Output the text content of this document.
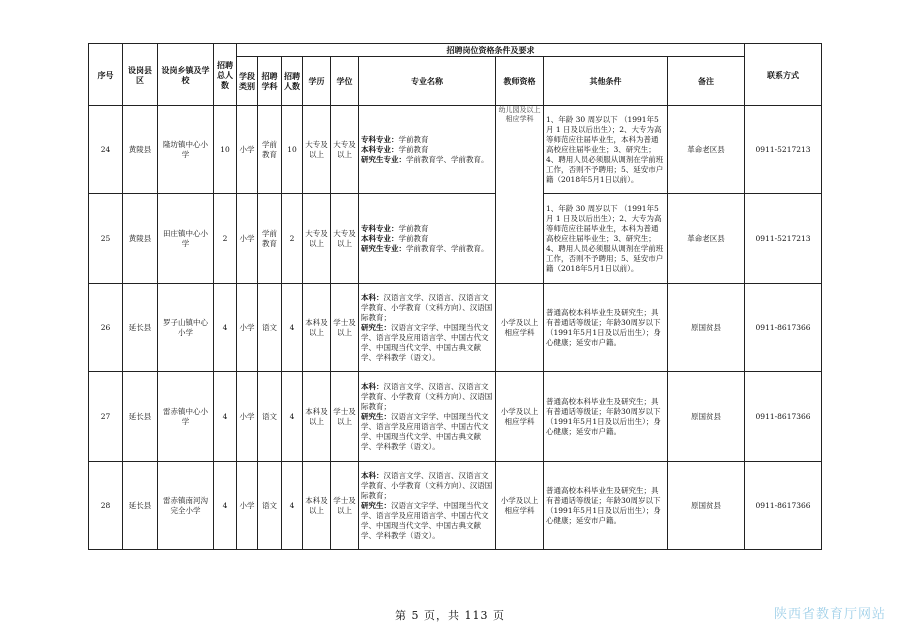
序号	设岗县区	设岗乡镇及学校	招聘总人数	招聘岗位资格条件及要求									联系方式
				学段类别	招聘学科	招聘人数	学历	学位	专业名称	教师资格	其他条件	备注	
24	黄陵县	隆坊镇中心小学	10	小学	学前教育	10	大专及以上	大专及以上	专科专业：学前教育
本科专业：学前教育
研究生专业：学前教育学、学前教育。	幼儿园及以上相应学科	1、年龄 30 周岁以下 （1991年5月 1 日及以后出生）；2、大专为高等师范应往届毕业生，本科为普通高校应往届毕业生；3、研究生；4、聘用人员必须服从调剂在学前班工作，否则不予聘用；5、延安市户籍（2018年5月1日以前）。	革命老区县	0911-5217213
25	黄陵县	田庄镇中心小学	2	小学	学前教育	2	大专及以上	大专及以上	专科专业：学前教育
本科专业：学前教育
研究生专业：学前教育学、学前教育。		1、年龄 30 周岁以下 （1991年5月 1 日及以后出生）；2、大专为高等师范应往届毕业生，本科为普通高校应往届毕业生；3、研究生；4、聘用人员必须服从调剂在学前班工作，否则不予聘用；5、延安市户籍（2018年5月1日以前）。	革命老区县	0911-5217213
26	延长县	罗子山镇中心小学	4	小学	语文	4	本科及以上	学士及以上	本科：汉语言文学、汉语言、汉语言文学教育、小学教育（文科方向）、汉语国际教育；
研究生：汉语言文字学、中国现当代文学、语言学及应用语言学、中国古代文学、中国现当代文学、中国古典文献学、学科教学（语文）。	小学及以上相应学科	普通高校本科毕业生及研究生；具有普通话等级证；年龄30周岁以下（1991年5月1日及以后出生）；身心健康；延安市户籍。	原国贫县	0911-8617366
27	延长县	雷赤镇中心小学	4	小学	语文	4	本科及以上	学士及以上	本科：汉语言文学、汉语言、汉语言文学教育、小学教育（文科方向）、汉语国际教育；
研究生：汉语言文字学、中国现当代文学、语言学及应用语言学、中国古代文学、中国现当代文学、中国古典文献学、学科教学（语文）。	小学及以上相应学科	普通高校本科毕业生及研究生；具有普通话等级证；年龄30周岁以下（1991年5月1日及以后出生）；身心健康；延安市户籍。	原国贫县	0911-8617366
28	延长县	雷赤镇南河沟完全小学	4	小学	语文	4	本科及以上	学士及以上	本科：汉语言文学、汉语言、汉语言文学教育、小学教育（文科方向）、汉语国际教育；
研究生：汉语言文字学、中国现当代文学、语言学及应用语言学、中国古代文学、中国现当代文学、中国古典文献学、学科教学（语文）。	小学及以上相应学科	普通高校本科毕业生及研究生；具有普通话等级证；年龄30周岁以下（1991年5月1日及以后出生）；身心健康；延安市户籍。	原国贫县	0911-8617366
第 5 页，共 113 页	陕西省教育厅网站
